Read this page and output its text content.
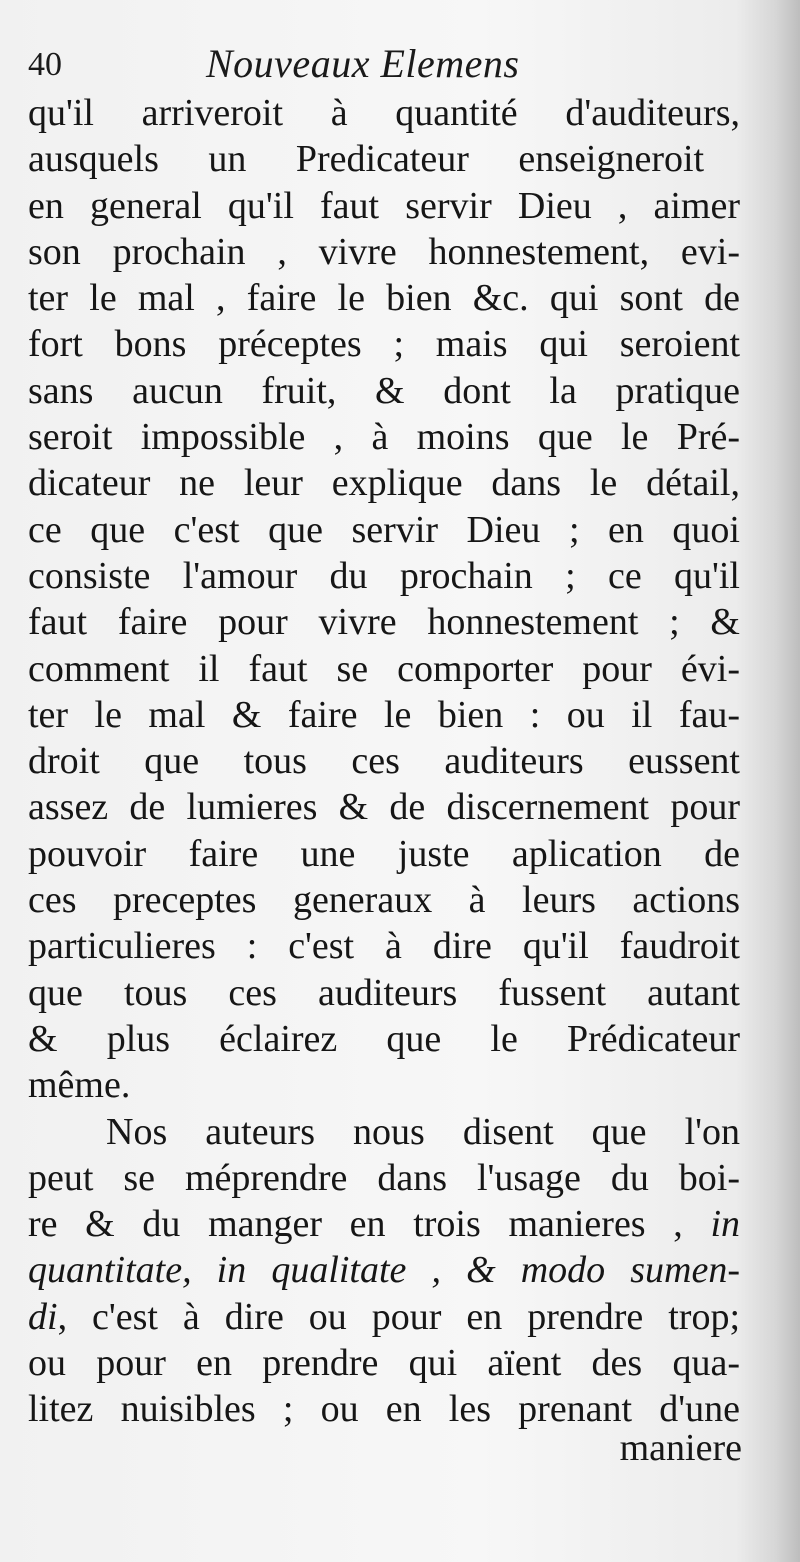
40	Nouveaux Elemens
qu'il arriveroit à quantité d'auditeurs,
ausquels un Predicateur enseigneroit
en general qu'il faut servir Dieu , aimer
son prochain , vivre honnestement, evi-
ter le mal , faire le bien &c. qui sont de
fort bons préceptes ; mais qui seroient
sans aucun fruit, & dont la pratique
seroit impossible , à moins que le Pré-
dicateur ne leur explique dans le détail,
ce que c'est que servir Dieu ; en quoi
consiste l'amour du prochain ; ce qu'il
faut faire pour vivre honnestement ; &
comment il faut se comporter pour évi-
ter le mal & faire le bien : ou il fau-
droit que tous ces auditeurs eussent
assez de lumieres & de discernement pour
pouvoir faire une juste aplication de
ces preceptes generaux à leurs actions
particulieres : c'est à dire qu'il faudroit
que tous ces auditeurs fussent autant
& plus éclairez que le Prédicateur
même.
Nos auteurs nous disent que l'on
peut se méprendre dans l'usage du boi-
re & du manger en trois manieres , in
quantitate, in qualitate , & modo sumen-
di, c'est à dire ou pour en prendre trop;
ou pour en prendre qui aïent des qua-
litez nuisibles ; ou en les prenant d'une
maniere
